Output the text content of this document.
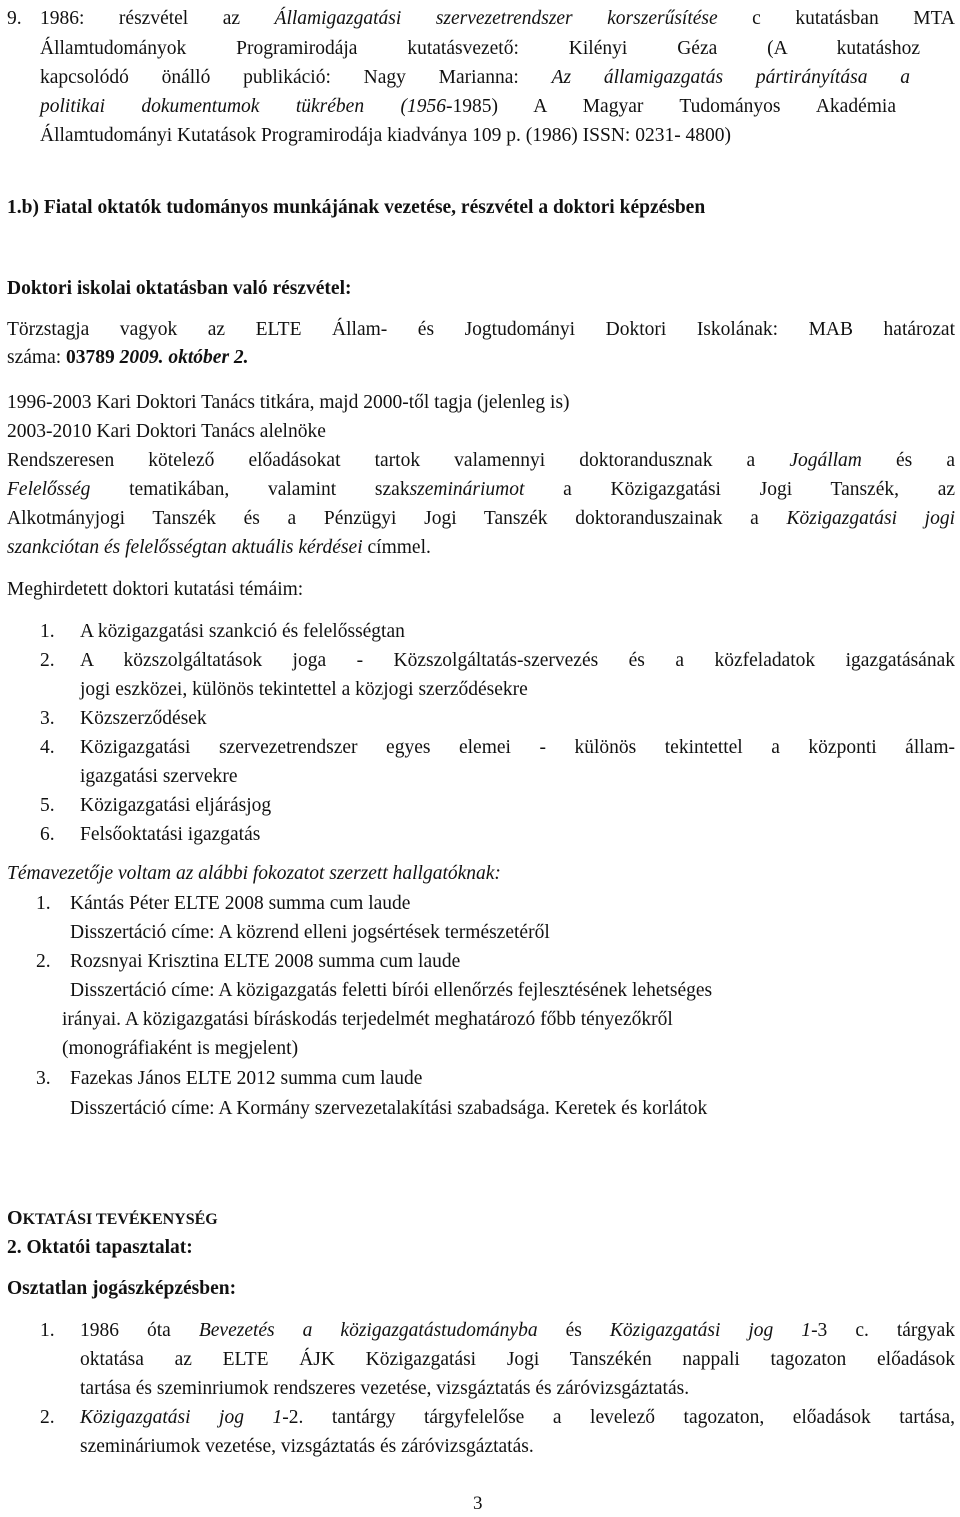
9. 1986: részvétel az Államigazgatási szervezetrendszer korszerűsítése c kutatásban MTA
Államtudományok Programirodája kutatásvezető: Kilényi Géza (A kutatáshoz
kapcsolódó önálló publikáció: Nagy Marianna: Az államigazgatás pártirányítása a
politikai dokumentumok tükrében (1956-1985) A Magyar Tudományos Akadémia
Államtudományi Kutatások Programirodája kiadványa 109 p. (1986) ISSN: 0231- 4800)
1.b) Fiatal oktatók tudományos munkájának vezetése, részvétel a doktori képzésben
Doktori iskolai oktatásban való részvétel:
Törzstagja vagyok az ELTE Állam- és Jogtudományi Doktori Iskolának: MAB határozat
száma: 03789 2009. október 2.
1996-2003 Kari Doktori Tanács titkára, majd 2000-től tagja (jelenleg is)
2003-2010 Kari Doktori Tanács alelnöke
Rendszeresen kötelező előadásokat tartok valamennyi doktorandusznak a Jogállam és a
Felelősség tematikában, valamint szakszemináriumot a Közigazgatási Jogi Tanszék, az
Alkotmányjogi Tanszék és a Pénzügyi Jogi Tanszék doktoranduszainak a Közigazgatási jogi
szankciótan és felelősségtan aktuális kérdései címmel.
Meghirdetett doktori kutatási témáim:
1. A közigazgatási szankció és felelősségtan
2. A közszolgáltatások joga - Közszolgáltatás-szervezés és a közfeladatok igazgatásának
jogi eszközei, különös tekintettel a közjogi szerződésekre
3. Közszerződések
4. Közigazgatási szervezetrendszer egyes elemei - különös tekintettel a központi állam-
igazgatási szervekre
5. Közigazgatási eljárásjog
6. Felsőoktatási igazgatás
Témavezetője voltam az alábbi fokozatot szerzett hallgatóknak:
1. Kántás Péter ELTE 2008 summa cum laude
Disszertáció címe: A közrend elleni jogsértések természetéről
2. Rozsnyai Krisztina ELTE 2008 summa cum laude
Disszertáció címe: A közigazgatás feletti bírói ellenőrzés fejlesztésének lehetséges
irányai. A közigazgatási bíráskodás terjedelmét meghatározó főbb tényezőkről
(monográfiaként is megjelent)
3. Fazekas János ELTE 2012 summa cum laude
Disszertáció címe: A Kormány szervezetalakítási szabadsága. Keretek és korlátok
OKTATÁSI TEVÉKENYSÉG
2. Oktatói tapasztalat:
Osztatlan jogászképzésben:
1. 1986 óta Bevezetés a közigazgatástudományba és Közigazgatási jog 1-3 c. tárgyak
oktatása az ELTE ÁJK Közigazgatási Jogi Tanszékén nappali tagozaton előadások
tartása és szeminriumok rendszeres vezetése, vizsgáztatás és záróvizsgáztatás.
2. Közigazgatási jog 1-2. tantárgy tárgyfelelőse a levelező tagozaton, előadások tartása,
szemináriumok vezetése, vizsgáztatás és záróvizsgáztatás.
3
